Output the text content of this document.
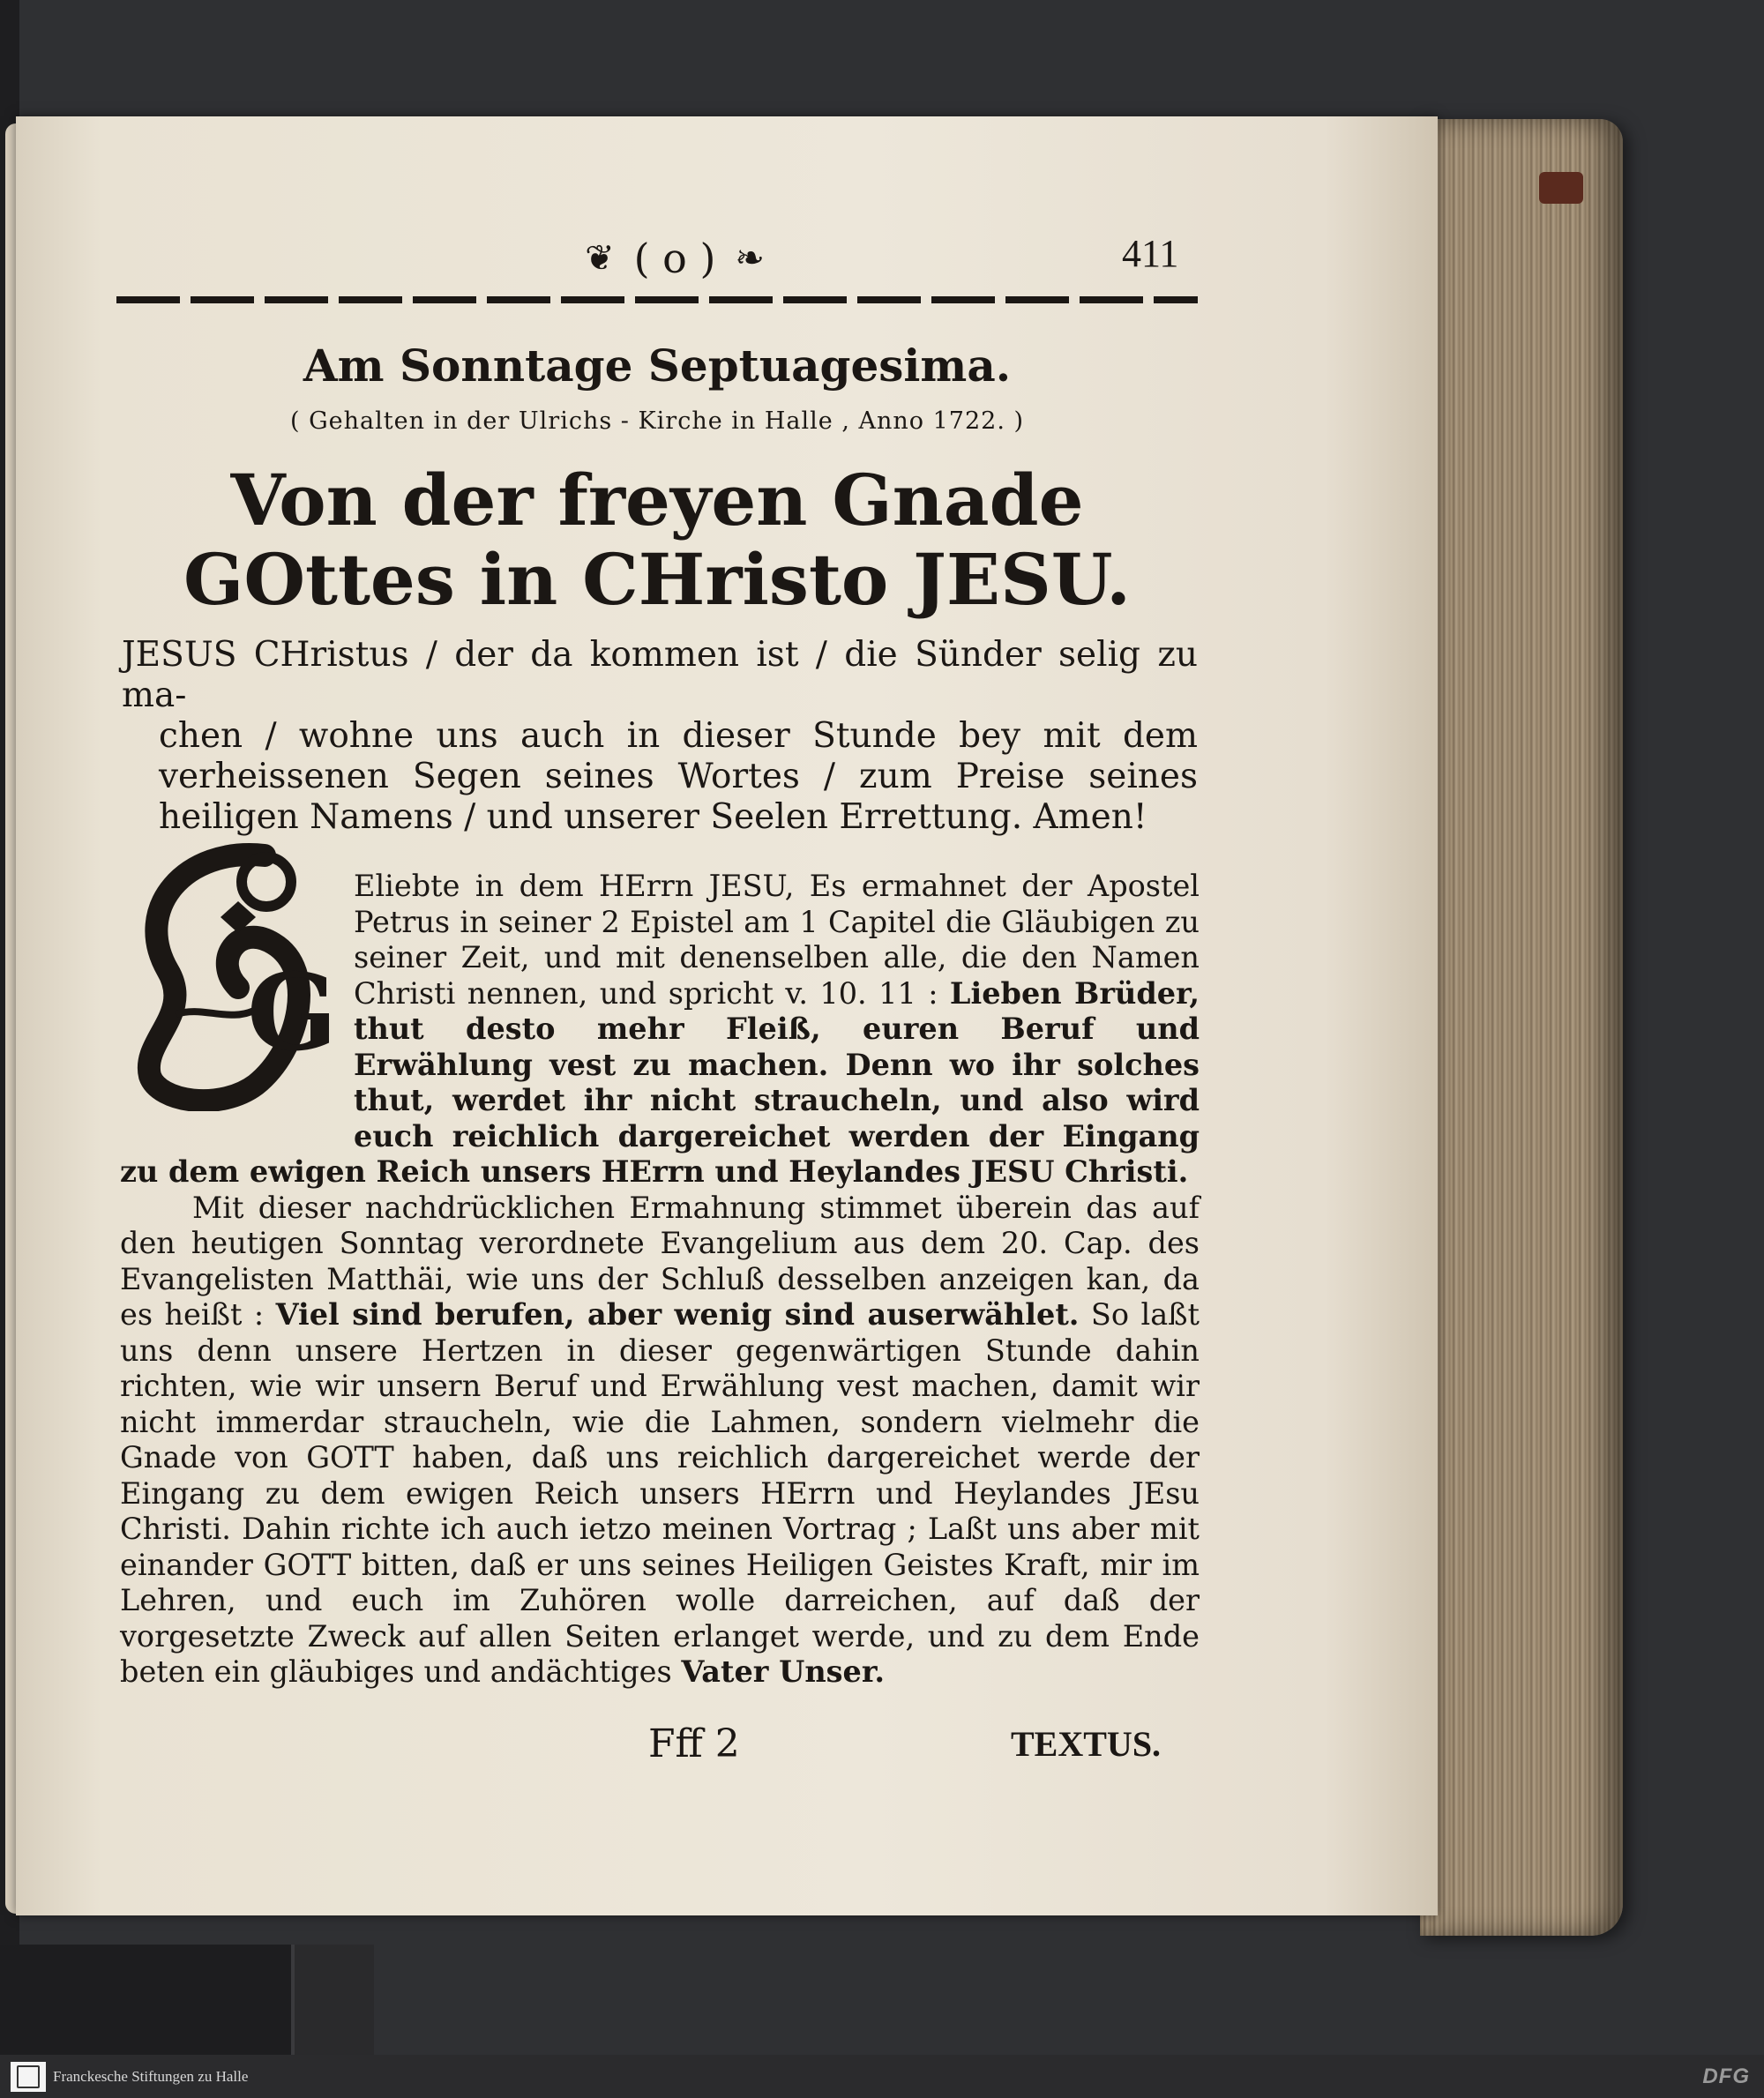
❦ ( o ) ❧	411
Am Sonntage Septuagesima.
( Gehalten in der Ulrichs - Kirche in Halle , Anno 1722. )
Von der freyen Gnade GOttes in CHristo JESU.

JESUS CHristus / der da kommen ist / die Sünder selig zu ma-
chen / wohne uns auch in dieser Stunde bey mit dem verheissenen Segen seines Wortes / zum Preise seines heiligen Namens / und unserer Seelen Errettung. Amen!

G

Eliebte in dem HErrn JESU, Es ermahnet der Apostel Petrus in seiner 2 Epistel am 1 Capitel die Gläubigen zu seiner Zeit, und mit denenselben alle, die den Namen Christi nennen, und spricht v. 10. 11 : Lieben Brüder, thut desto mehr Fleiß, euren Beruf und Erwählung vest zu machen. Denn wo ihr solches thut, werdet ihr nicht straucheln, und also wird euch reichlich dargereichet werden der Eingang zu dem ewigen Reich unsers HErrn und Heylandes JESU Christi.
Mit dieser nachdrücklichen Ermahnung stimmet überein das auf den heutigen Sonntag verordnete Evangelium aus dem 20. Cap. des Evangelisten Matthäi, wie uns der Schluß desselben anzeigen kan, da es heißt : Viel sind berufen, aber wenig sind auserwählet. So laßt uns denn unsere Hertzen in dieser gegenwärtigen Stunde dahin richten, wie wir unsern Beruf und Erwählung vest machen, damit wir nicht immerdar straucheln, wie die Lahmen, sondern vielmehr die Gnade von GOTT haben, daß uns reichlich dargereichet werde der Eingang zu dem ewigen Reich unsers HErrn und Heylandes JEsu Christi. Dahin richte ich auch ietzo meinen Vortrag ; Laßt uns aber mit einander GOTT bitten, daß er uns seines Heiligen Geistes Kraft, mir im Lehren, und euch im Zuhören wolle darreichen, auf daß der vorgesetzte Zweck auf allen Seiten erlanget werde, und zu dem Ende beten ein gläubiges und andächtiges Vater Unser.

Fff 2	TEXTUS.
Franckesche Stiftungen zu Halle	DFG
